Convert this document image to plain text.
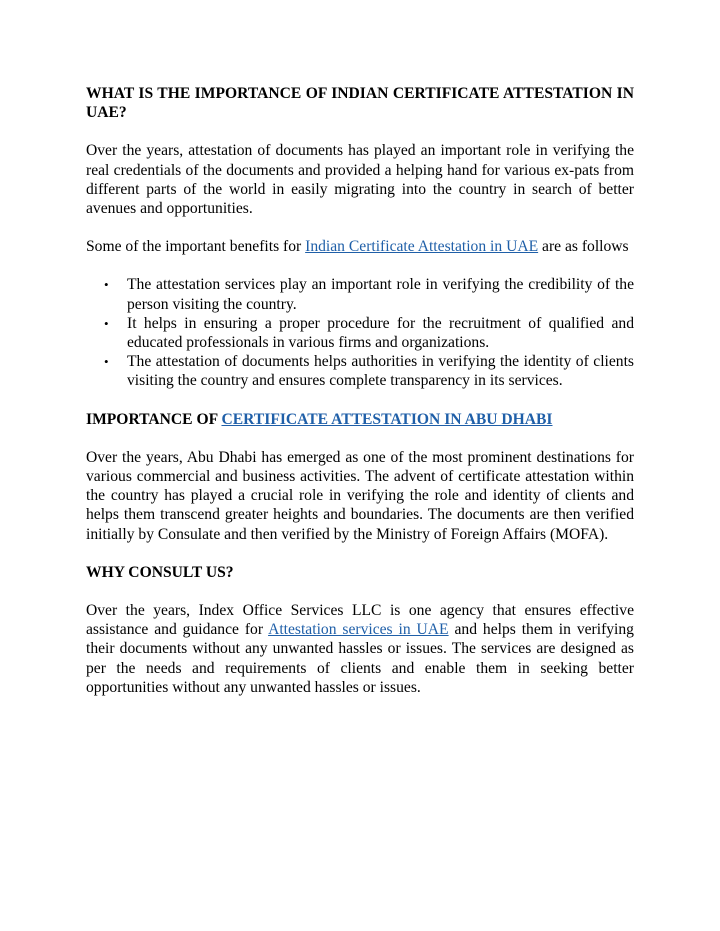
WHAT IS THE IMPORTANCE OF INDIAN CERTIFICATE ATTESTATION IN UAE?

Over the years, attestation of documents has played an important role in verifying the real credentials of the documents and provided a helping hand for various ex-pats from different parts of the world in easily migrating into the country in search of better avenues and opportunities.

Some of the important benefits for Indian Certificate Attestation in UAE are as follows

• The attestation services play an important role in verifying the credibility of the person visiting the country.
• It helps in ensuring a proper procedure for the recruitment of qualified and educated professionals in various firms and organizations.
• The attestation of documents helps authorities in verifying the identity of clients visiting the country and ensures complete transparency in its services.
IMPORTANCE OF CERTIFICATE ATTESTATION IN ABU DHABI

Over the years, Abu Dhabi has emerged as one of the most prominent destinations for various commercial and business activities. The advent of certificate attestation within the country has played a crucial role in verifying the role and identity of clients and helps them transcend greater heights and boundaries. The documents are then verified initially by Consulate and then verified by the Ministry of Foreign Affairs (MOFA).

WHY CONSULT US?

Over the years, Index Office Services LLC is one agency that ensures effective assistance and guidance for Attestation services in UAE and helps them in verifying their documents without any unwanted hassles or issues. The services are designed as per the needs and requirements of clients and enable them in seeking better opportunities without any unwanted hassles or issues.
